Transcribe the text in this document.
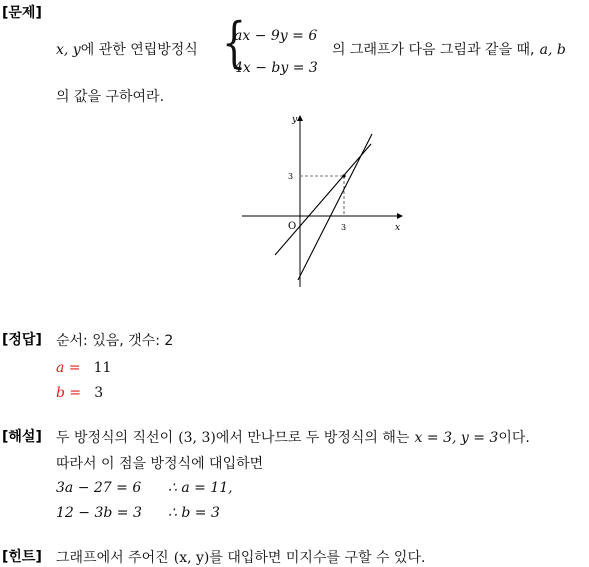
[문제]
x, y에 관한 연립방정식 {
ax − 9y = 6
4x − by = 3
의 그래프가 다음 그림과 같을 때, a, b
의 값을 구하여라.
y
x
O	3
3
[정답] 순서: 있음, 갯수: 2
a = 11
b = 3
[해설] 두 방정식의 직선이 (3, 3)에서 만나므로 두 방정식의 해는 x = 3, y = 3이다.
따라서 이 점을 방정식에 대입하면
3a − 27 = 6 ∴ a = 11,
12 − 3b = 3 ∴ b = 3
[힌트] 그래프에서 주어진 (x, y)를 대입하면 미지수를 구할 수 있다.
